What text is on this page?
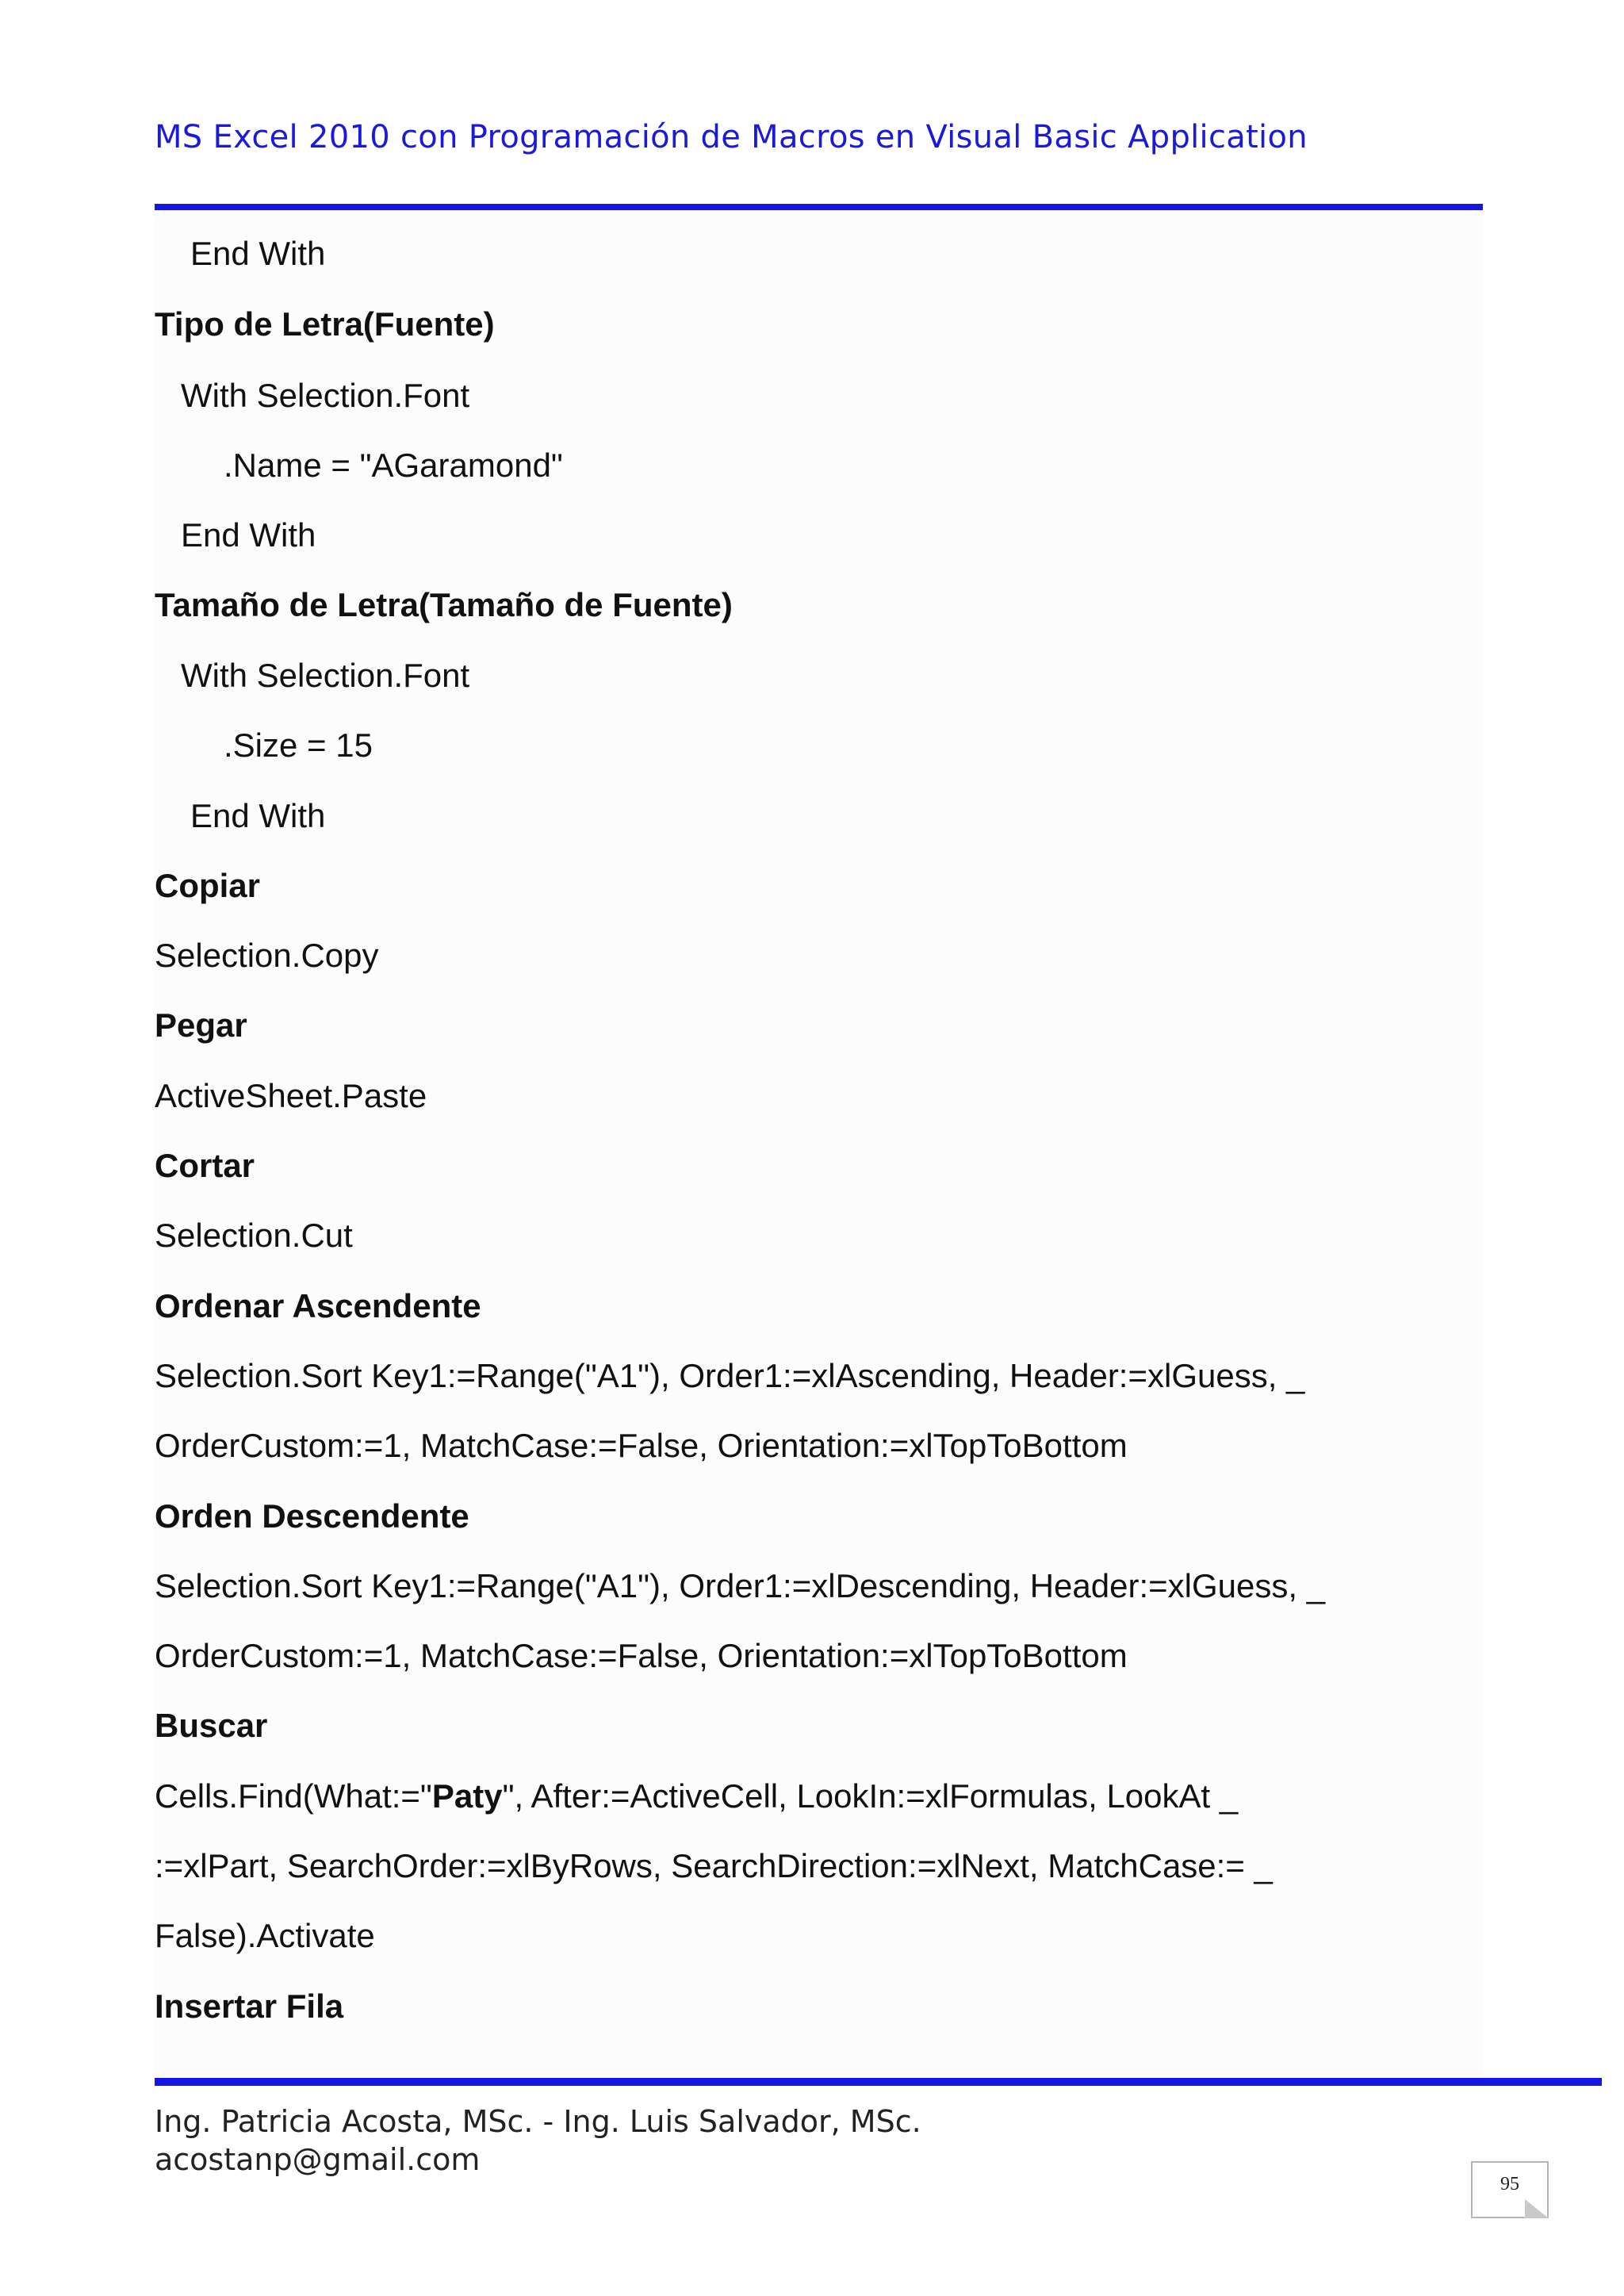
MS Excel 2010 con Programación de Macros en Visual Basic Application
End With
Tipo de Letra(Fuente)
With Selection.Font
.Name = "AGaramond"
End With
Tamaño de Letra(Tamaño de Fuente)
With Selection.Font
.Size = 15
End With
Copiar
Selection.Copy
Pegar
ActiveSheet.Paste
Cortar
Selection.Cut
Ordenar Ascendente
Selection.Sort Key1:=Range("A1"), Order1:=xlAscending, Header:=xlGuess, _
OrderCustom:=1, MatchCase:=False, Orientation:=xlTopToBottom
Orden Descendente
Selection.Sort Key1:=Range("A1"), Order1:=xlDescending, Header:=xlGuess, _
OrderCustom:=1, MatchCase:=False, Orientation:=xlTopToBottom
Buscar
Cells.Find(What:="Paty", After:=ActiveCell, LookIn:=xlFormulas, LookAt _
:=xlPart, SearchOrder:=xlByRows, SearchDirection:=xlNext, MatchCase:= _
False).Activate
Insertar Fila
Ing. Patricia Acosta, MSc. - Ing. Luis Salvador, MSc.
acostanp@gmail.com
95
